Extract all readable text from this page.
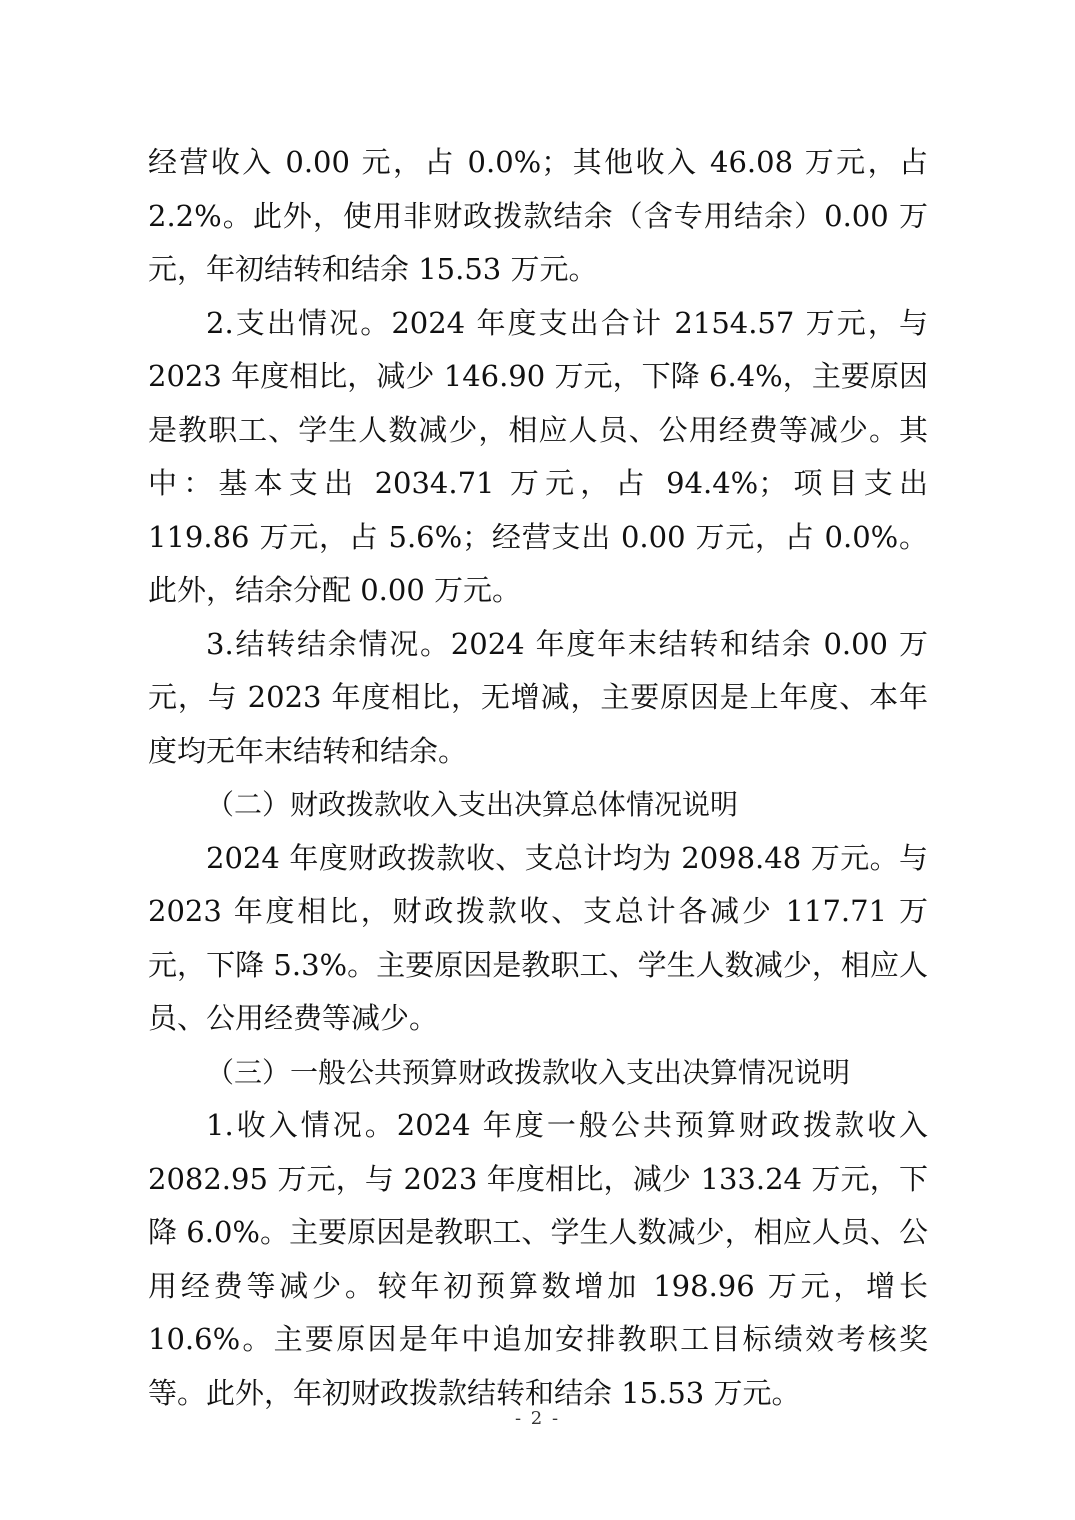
经营收入 0.00 元，占 0.0%；其他收入 46.08 万元，占 2.2%。此外，使用非财政拨款结余（含专用结余）0.00 万元，年初结转和结余 15.53 万元。

2.支出情况。2024 年度支出合计 2154.57 万元，与 2023 年度相比，减少 146.90 万元，下降 6.4%，主要原因是教职工、学生人数减少，相应人员、公用经费等减少。其中：基本支出 2034.71 万元，占 94.4%；项目支出 119.86 万元，占 5.6%；经营支出 0.00 万元，占 0.0%。此外，结余分配 0.00 万元。

3.结转结余情况。2024 年度年末结转和结余 0.00 万元，与 2023 年度相比，无增减，主要原因是上年度、本年度均无年末结转和结余。

（二）财政拨款收入支出决算总体情况说明

2024 年度财政拨款收、支总计均为 2098.48 万元。与 2023 年度相比，财政拨款收、支总计各减少 117.71 万元，下降 5.3%。主要原因是教职工、学生人数减少，相应人员、公用经费等减少。

（三）一般公共预算财政拨款收入支出决算情况说明

1.收入情况。2024 年度一般公共预算财政拨款收入 2082.95 万元，与 2023 年度相比，减少 133.24 万元，下降 6.0%。主要原因是教职工、学生人数减少，相应人员、公用经费等减少。较年初预算数增加 198.96 万元，增长 10.6%。主要原因是年中追加安排教职工目标绩效考核奖等。此外，年初财政拨款结转和结余 15.53 万元。

- 2 -
